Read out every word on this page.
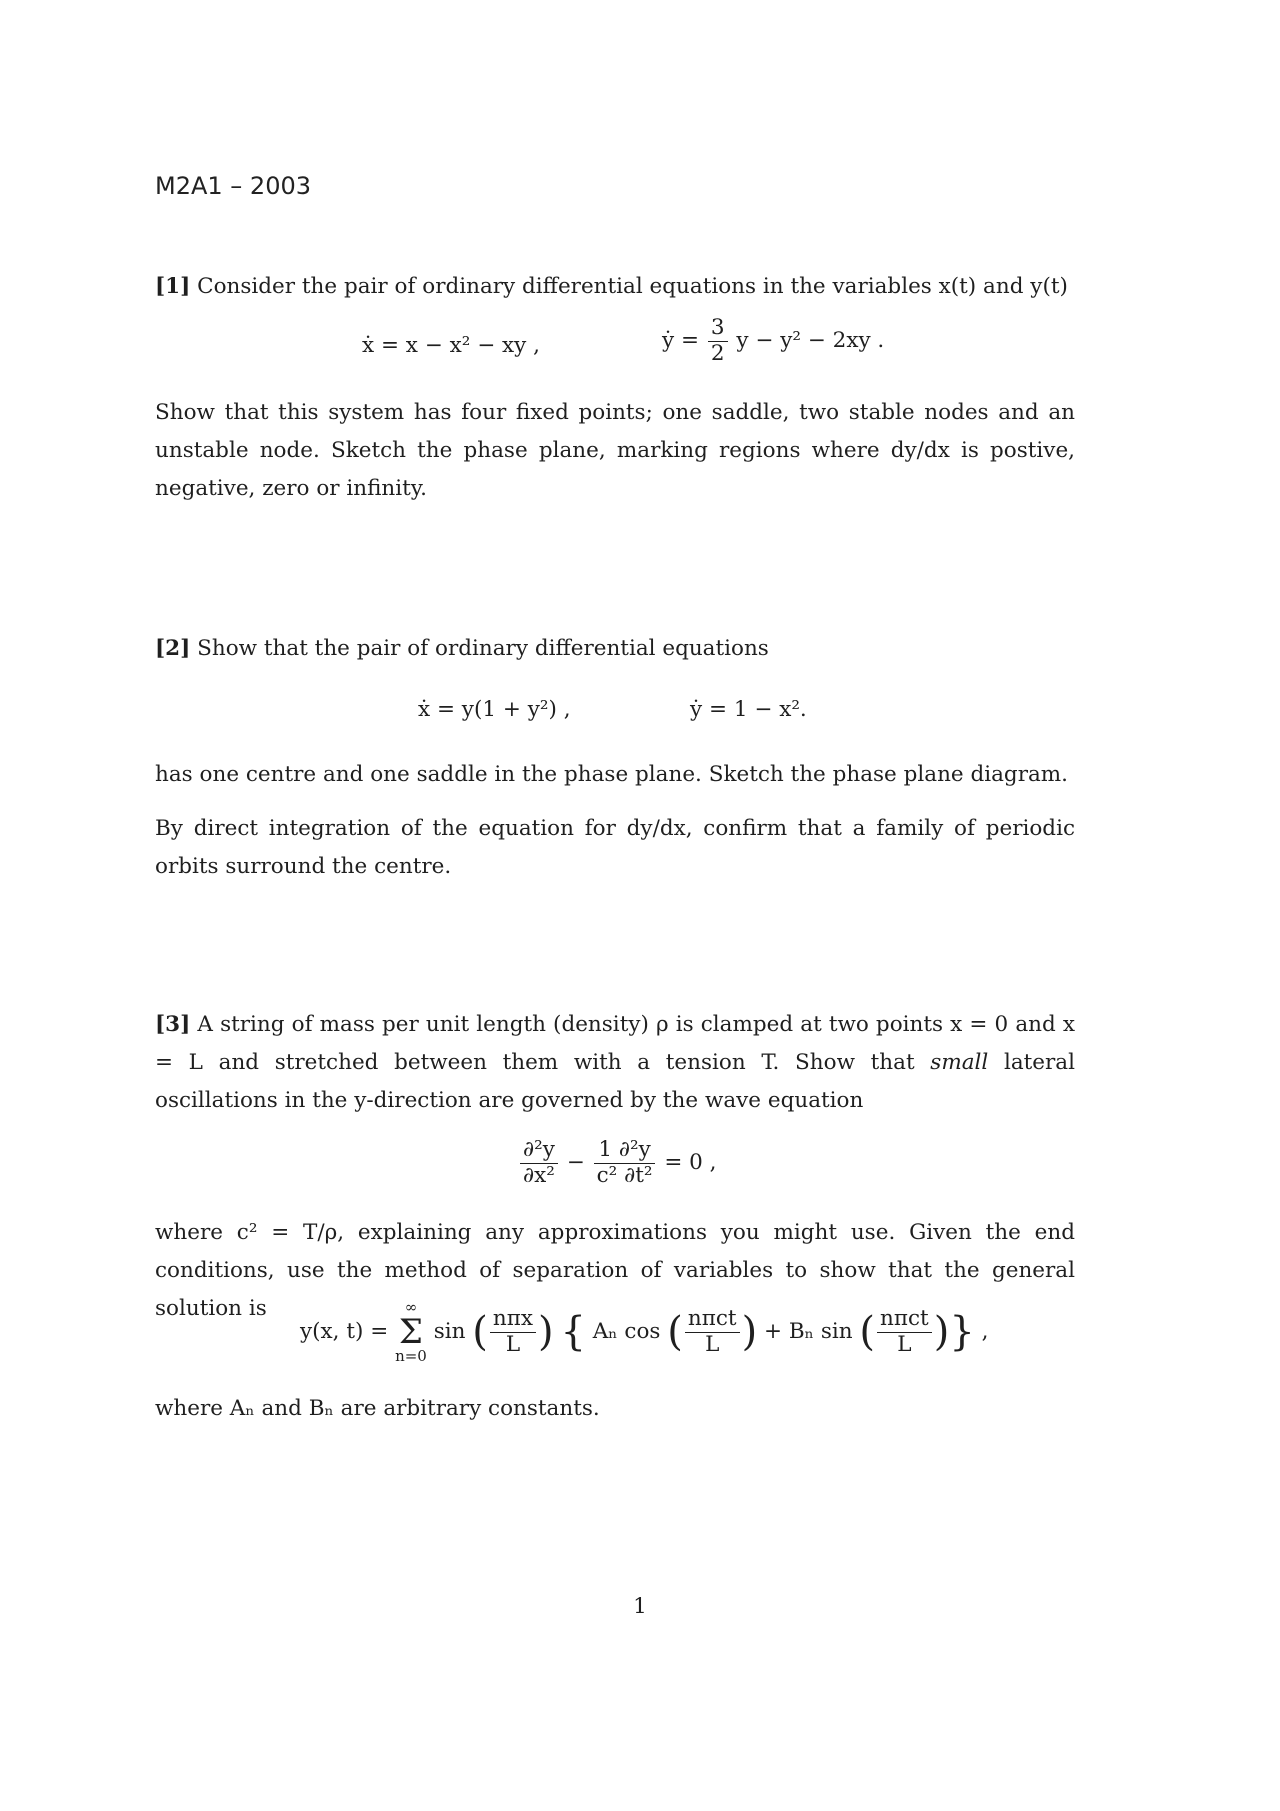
M2A1 – 2003
[1] Consider the pair of ordinary differential equations in the variables x(t) and y(t)
ẋ = x − x² − xy ,	ẏ = $\frac{3}{2}$ y − y² − 2xy .
Show that this system has four fixed points; one saddle, two stable nodes and an unstable node. Sketch the phase plane, marking regions where dy/dx is postive, negative, zero or infinity.
[2] Show that the pair of ordinary differential equations
ẋ = y(1 + y²) ,	ẏ = 1 − x².
has one centre and one saddle in the phase plane. Sketch the phase plane diagram.
By direct integration of the equation for dy/dx, confirm that a family of periodic orbits surround the centre.
[3] A string of mass per unit length (density) ρ is clamped at two points x = 0 and x = L and stretched between them with a tension T. Show that small lateral oscillations in the y-direction are governed by the wave equation
$\frac{\text{∂²y}}{\text{∂x²}} - \frac{\text{1 ∂²y}}{\text{c² ∂t²}} = 0$ ,
where c² = T/ρ, explaining any approximations you might use. Given the end conditions, use the method of separation of variables to show that the general solution is
y(x, t) =
∞
Σ
n=0
sin ( $\frac{\text{nπx}}{L}$ ) { Aₙ cos ( $\frac{\text{nπct}}{L}$ ) + Bₙ sin ( $\frac{\text{nπct}}{L}$ )} ,
where Aₙ and Bₙ are arbitrary constants.
1
